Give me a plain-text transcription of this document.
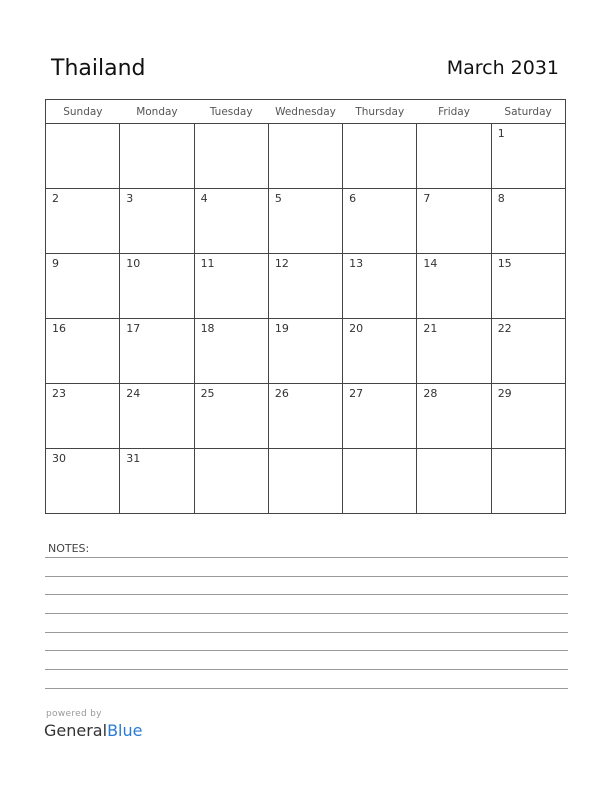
Thailand	March 2031
Sunday	Monday	Tuesday	Wednesday	Thursday	Friday	Saturday

						1

2	3	4	5	6	7	8

9	10	11	12	13	14	15

16	17	18	19	20	21	22

23	24	25	26	27	28	29

30	31					

NOTES:
powered by
GeneralBlue
